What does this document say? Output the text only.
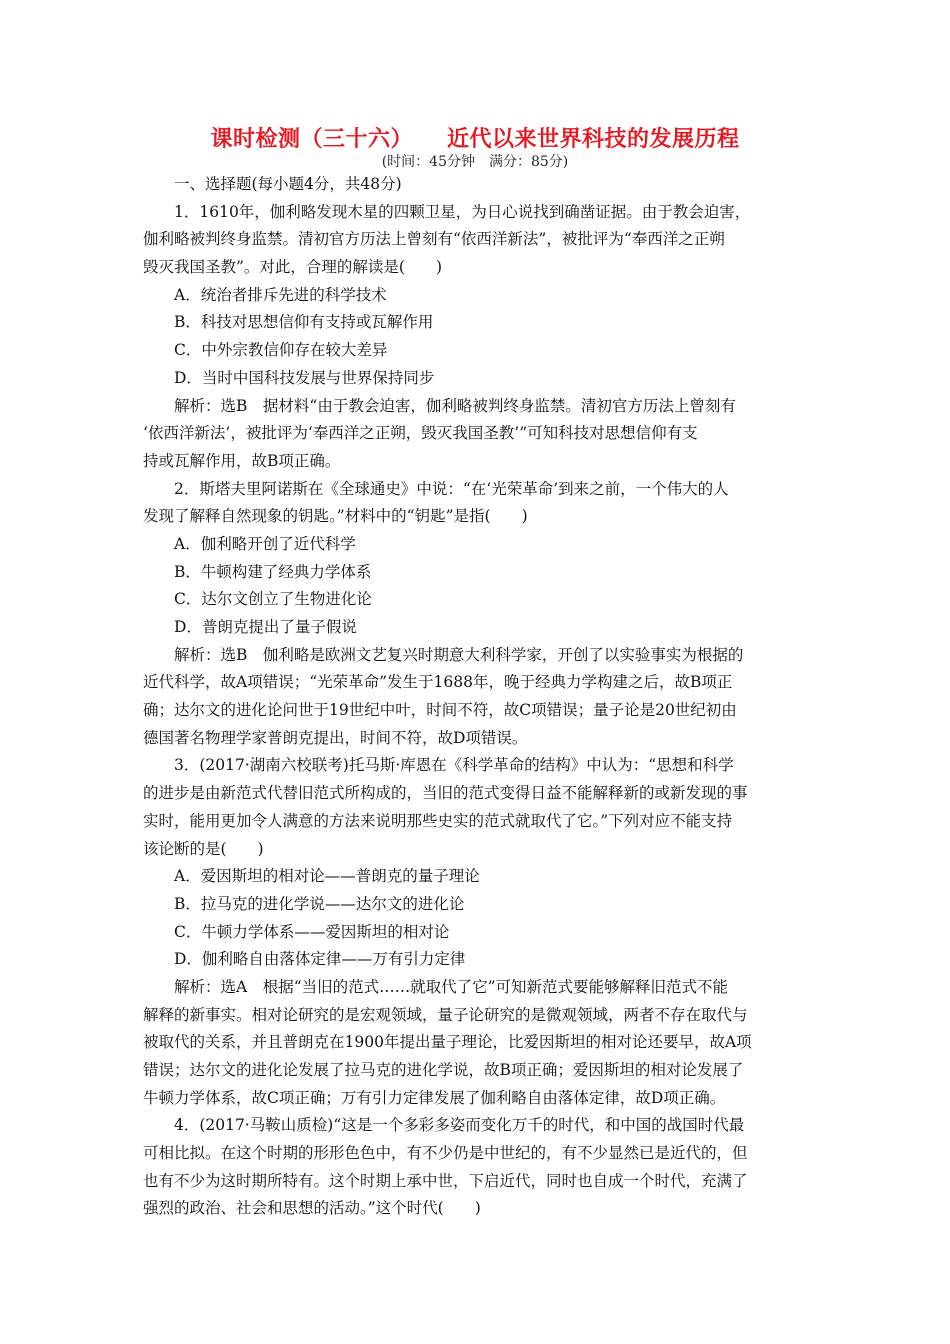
课时检测（三十六） 近代以来世界科技的发展历程
(时间：45分钟　满分：85分)
一、选择题(每小题4分，共48分)
1．1610年，伽利略发现木星的四颗卫星，为日心说找到确凿证据。由于教会迫害，
伽利略被判终身监禁。清初官方历法上曾刻有“依西洋新法”，被批评为“奉西洋之正朔
毁灭我国圣教”。对此，合理的解读是(　　)
A．统治者排斥先进的科学技术
B．科技对思想信仰有支持或瓦解作用
C．中外宗教信仰存在较大差异
D．当时中国科技发展与世界保持同步
解析：选B　据材料“由于教会迫害，伽利略被判终身监禁。清初官方历法上曾刻有
‘依西洋新法’，被批评为‘奉西洋之正朔，毁灭我国圣教’”可知科技对思想信仰有支
持或瓦解作用，故B项正确。
2．斯塔夫里阿诺斯在《全球通史》中说：“在‘光荣革命’到来之前，一个伟大的人
发现了解释自然现象的钥匙。”材料中的“钥匙”是指(　　)
A．伽利略开创了近代科学
B．牛顿构建了经典力学体系
C．达尔文创立了生物进化论
D．普朗克提出了量子假说
解析：选B　伽利略是欧洲文艺复兴时期意大利科学家，开创了以实验事实为根据的
近代科学，故A项错误；“光荣革命”发生于1688年，晚于经典力学构建之后，故B项正
确；达尔文的进化论问世于19世纪中叶，时间不符，故C项错误；量子论是20世纪初由
德国著名物理学家普朗克提出，时间不符，故D项错误。
3．(2017·湖南六校联考)托马斯·库恩在《科学革命的结构》中认为：“思想和科学
的进步是由新范式代替旧范式所构成的，当旧的范式变得日益不能解释新的或新发现的事
实时，能用更加令人满意的方法来说明那些史实的范式就取代了它。”下列对应不能支持
该论断的是(　　)
A．爱因斯坦的相对论——普朗克的量子理论
B．拉马克的进化学说——达尔文的进化论
C．牛顿力学体系——爱因斯坦的相对论
D．伽利略自由落体定律——万有引力定律
解析：选A　根据“当旧的范式……就取代了它”可知新范式要能够解释旧范式不能
解释的新事实。相对论研究的是宏观领域，量子论研究的是微观领域，两者不存在取代与
被取代的关系，并且普朗克在1900年提出量子理论，比爱因斯坦的相对论还要早，故A项
错误；达尔文的进化论发展了拉马克的进化学说，故B项正确；爱因斯坦的相对论发展了
牛顿力学体系，故C项正确；万有引力定律发展了伽利略自由落体定律，故D项正确。
4．(2017·马鞍山质检)“这是一个多彩多姿而变化万千的时代，和中国的战国时代最
可相比拟。在这个时期的形形色色中，有不少仍是中世纪的，有不少显然已是近代的，但
也有不少为这时期所特有。这个时期上承中世，下启近代，同时也自成一个时代，充满了
强烈的政治、社会和思想的活动。”这个时代(　　)
